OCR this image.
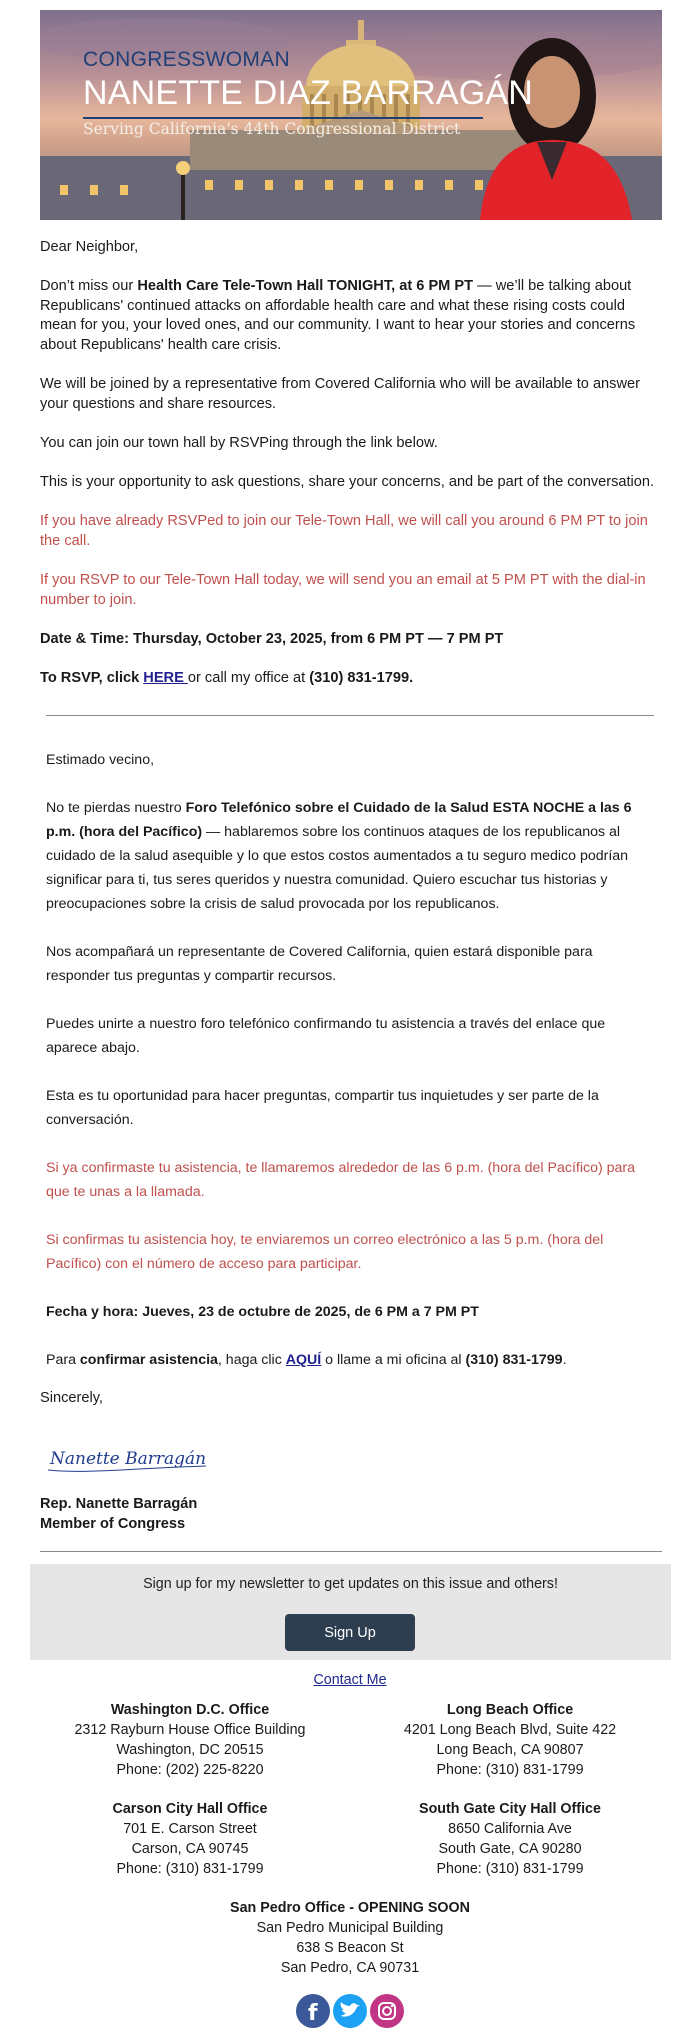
CONGRESSWOMAN
NANETTE DIAZ BARRAGÁN
Serving California's 44th Congressional District

Dear Neighbor,

Don’t miss our Health Care Tele-Town Hall TONIGHT, at 6 PM PT — we’ll be talking about Republicans' continued attacks on affordable health care and what these rising costs could mean for you, your loved ones, and our community. I want to hear your stories and concerns about Republicans' health care crisis.

We will be joined by a representative from Covered California who will be available to answer your questions and share resources.

You can join our town hall by RSVPing through the link below.

This is your opportunity to ask questions, share your concerns, and be part of the conversation.

If you have already RSVPed to join our Tele-Town Hall, we will call you around 6 PM PT to join the call.

If you RSVP to our Tele-Town Hall today, we will send you an email at 5 PM PT with the dial-in number to join.

Date & Time: Thursday, October 23, 2025, from 6 PM PT — 7 PM PT

To RSVP, click HERE or call my office at (310) 831-1799.

Estimado vecino,

No te pierdas nuestro Foro Telefónico sobre el Cuidado de la Salud ESTA NOCHE a las 6 p.m. (hora del Pacífico) — hablaremos sobre los continuos ataques de los republicanos al cuidado de la salud asequible y lo que estos costos aumentados a tu seguro medico podrían significar para ti, tus seres queridos y nuestra comunidad. Quiero escuchar tus historias y preocupaciones sobre la crisis de salud provocada por los republicanos.

Nos acompañará un representante de Covered California, quien estará disponible para responder tus preguntas y compartir recursos.

Puedes unirte a nuestro foro telefónico confirmando tu asistencia a través del enlace que aparece abajo.

Esta es tu oportunidad para hacer preguntas, compartir tus inquietudes y ser parte de la conversación.

Si ya confirmaste tu asistencia, te llamaremos alrededor de las 6 p.m. (hora del Pacífico) para que te unas a la llamada.

Si confirmas tu asistencia hoy, te enviaremos un correo electrónico a las 5 p.m. (hora del Pacífico) con el número de acceso para participar.

Fecha y hora: Jueves, 23 de octubre de 2025, de 6 PM a 7 PM PT

Para confirmar asistencia, haga clic AQUÍ o llame a mi oficina al (310) 831-1799.

Sincerely,

Nanette Barragán

Rep. Nanette Barragán

Member of Congress

Sign up for my newsletter to get updates on this issue and others!
Sign Up
Contact Me
Washington D.C. Office
2312 Rayburn House Office Building
Washington, DC 20515
Phone: (202) 225-8220
Long Beach Office
4201 Long Beach Blvd, Suite 422
Long Beach, CA 90807
Phone: (310) 831-1799
Carson City Hall Office
701 E. Carson Street
Carson, CA 90745
Phone: (310) 831-1799
South Gate City Hall Office
8650 California Ave
South Gate, CA 90280
Phone: (310) 831-1799
San Pedro Office - OPENING SOON
San Pedro Municipal Building
638 S Beacon St
San Pedro, CA 90731
f
